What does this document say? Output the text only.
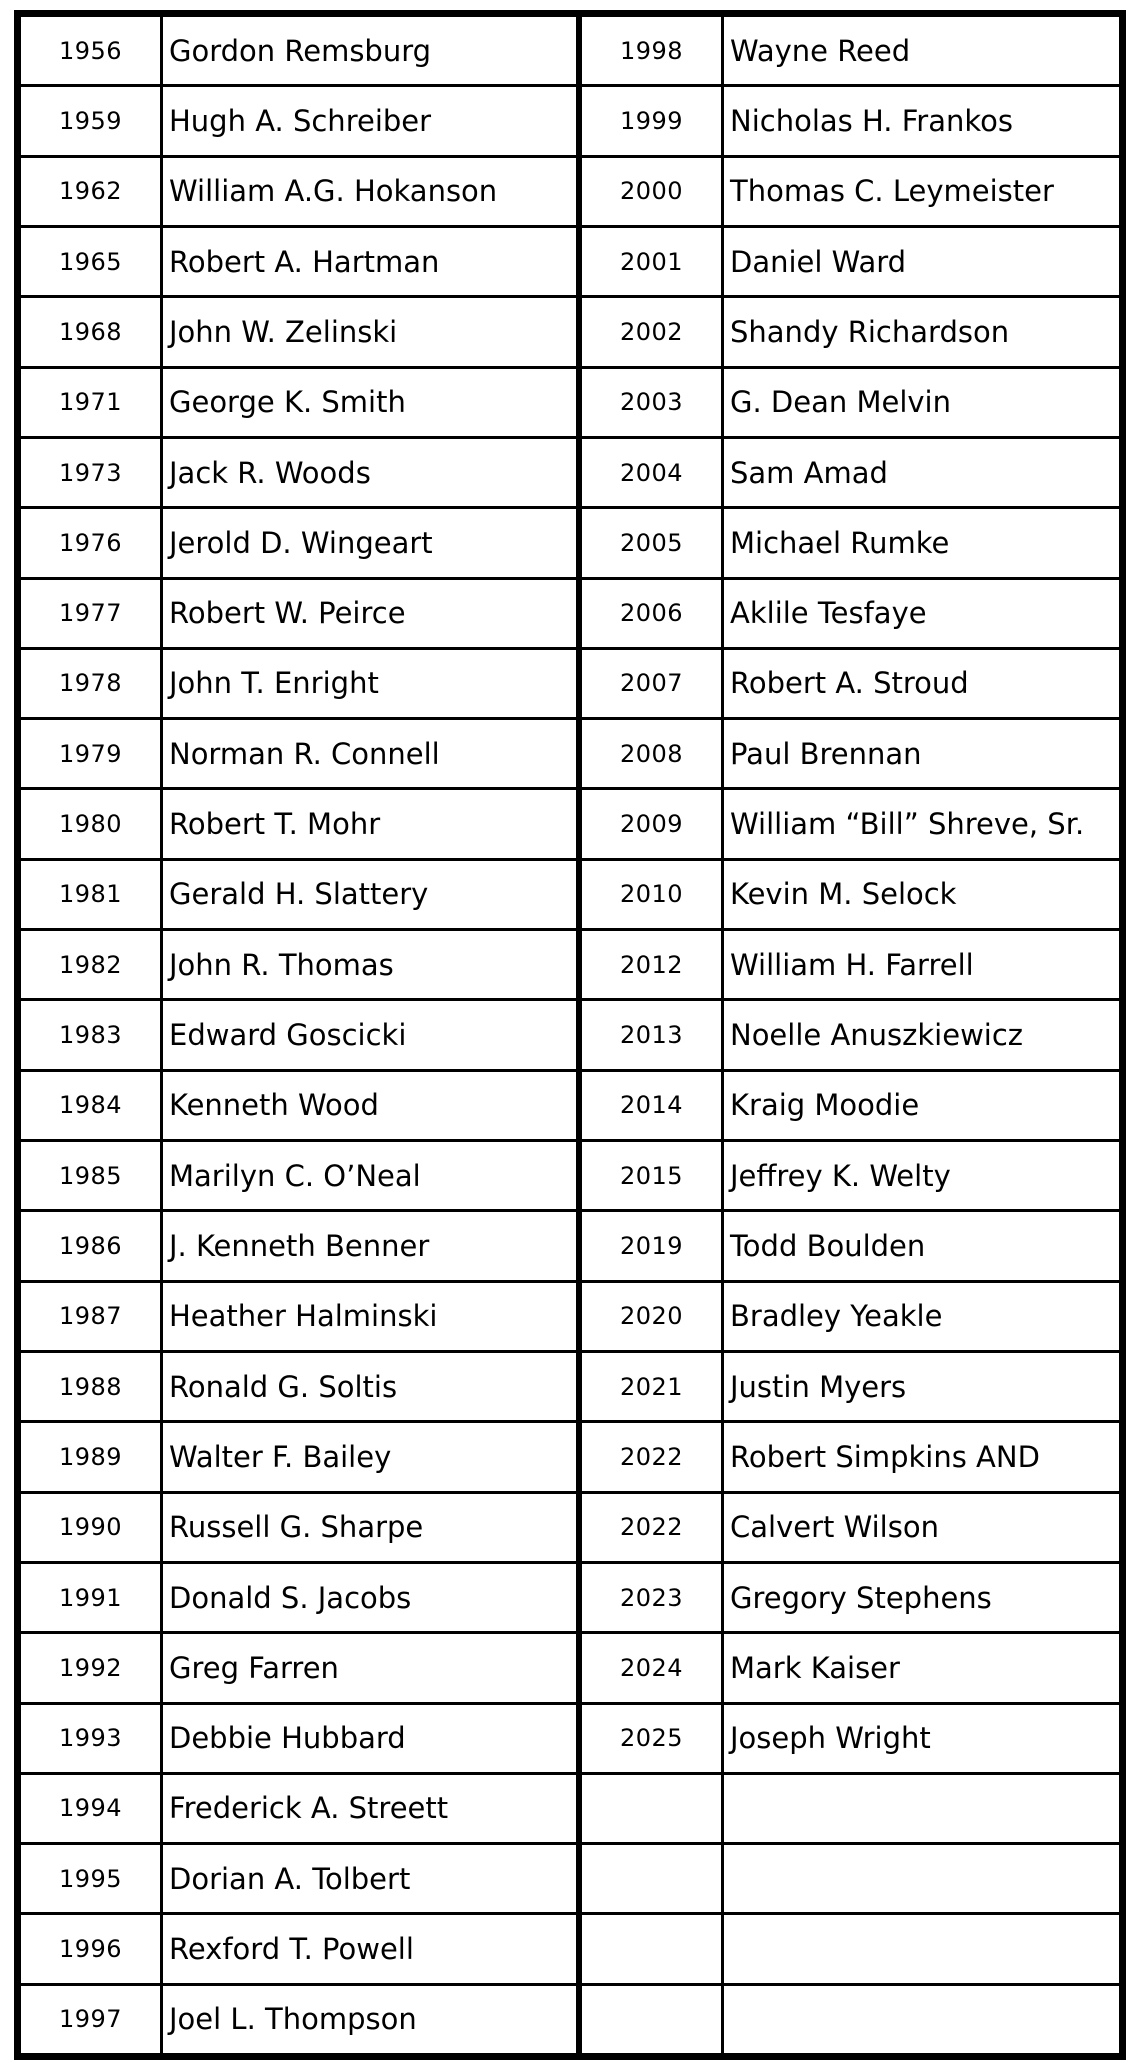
1956	Gordon Remsburg
1959	Hugh A. Schreiber
1962	William A.G. Hokanson
1965	Robert A. Hartman
1968	John W. Zelinski
1971	George K. Smith
1973	Jack R. Woods
1976	Jerold D. Wingeart
1977	Robert W. Peirce
1978	John T. Enright
1979	Norman R. Connell
1980	Robert T. Mohr
1981	Gerald H. Slattery
1982	John R. Thomas
1983	Edward Goscicki
1984	Kenneth Wood
1985	Marilyn C. O’Neal
1986	J. Kenneth Benner
1987	Heather Halminski
1988	Ronald G. Soltis
1989	Walter F. Bailey
1990	Russell G. Sharpe
1991	Donald S. Jacobs
1992	Greg Farren
1993	Debbie Hubbard
1994	Frederick A. Streett
1995	Dorian A. Tolbert
1996	Rexford T. Powell
1997	Joel L. Thompson
1998	Wayne Reed
1999	Nicholas H. Frankos
2000	Thomas C. Leymeister
2001	Daniel Ward
2002	Shandy Richardson
2003	G. Dean Melvin
2004	Sam Amad
2005	Michael Rumke
2006	Aklile Tesfaye
2007	Robert A. Stroud
2008	Paul Brennan
2009	William “Bill” Shreve, Sr.
2010	Kevin M. Selock
2012	William H. Farrell
2013	Noelle Anuszkiewicz
2014	Kraig Moodie
2015	Jeffrey K. Welty
2019	Todd Boulden
2020	Bradley Yeakle
2021	Justin Myers
2022	Robert Simpkins AND
2022	Calvert Wilson
2023	Gregory Stephens
2024	Mark Kaiser
2025	Joseph Wright
